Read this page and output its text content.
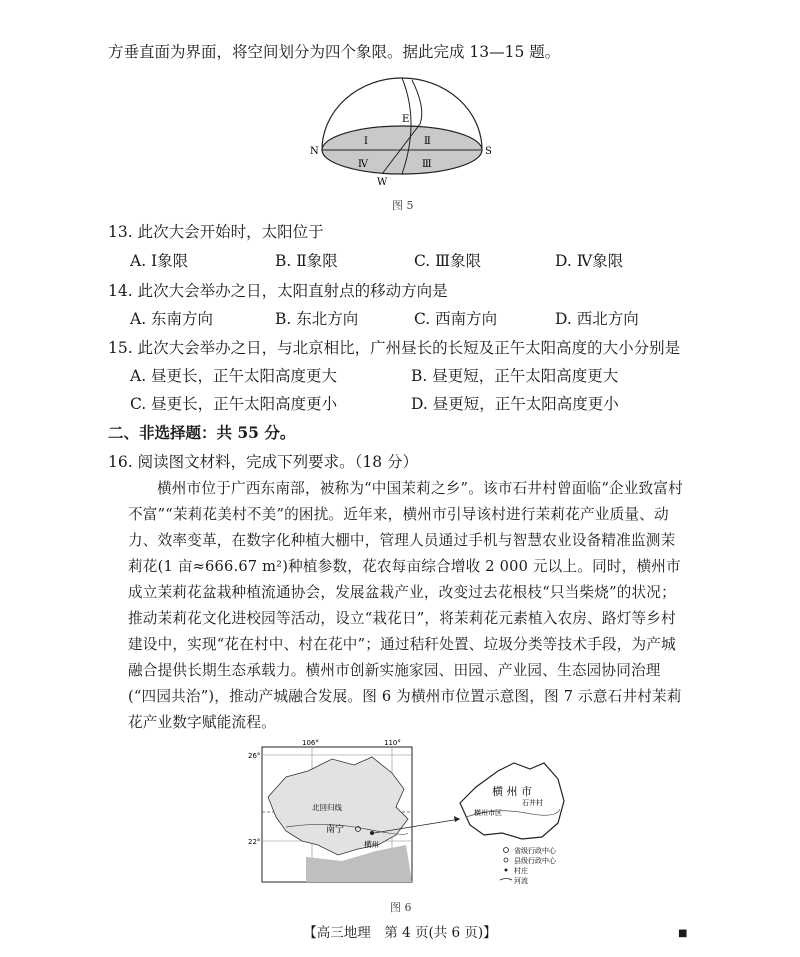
方垂直面为界面，将空间划分为四个象限。据此完成 13—15 题。
E
N	S
W
Ⅰ	Ⅱ
Ⅲ
Ⅳ
图 5
13. 此次大会开始时，太阳位于
A. Ⅰ象限	B. Ⅱ象限	C. Ⅲ象限	D. Ⅳ象限
14. 此次大会举办之日，太阳直射点的移动方向是
A. 东南方向	B. 东北方向	C. 西南方向	D. 西北方向
15. 此次大会举办之日，与北京相比，广州昼长的长短及正午太阳高度的大小分别是
A. 昼更长，正午太阳高度更大	B. 昼更短，正午太阳高度更大
C. 昼更长，正午太阳高度更小	D. 昼更短，正午太阳高度更小
二、非选择题：共 55 分。
16. 阅读图文材料，完成下列要求。（18 分）
横州市位于广西东南部，被称为“中国茉莉之乡”。该市石井村曾面临“企业致富村不富”“茉莉花美村不美”的困扰。近年来，横州市引导该村进行茉莉花产业质量、动力、效率变革，在数字化种植大棚中，管理人员通过手机与智慧农业设备精准监测茉莉花(1 亩≈666.67 m²)种植参数，花农每亩综合增收 2 000 元以上。同时，横州市成立茉莉花盆栽种植流通协会，发展盆栽产业，改变过去花根枝“只当柴烧”的状况；推动茉莉花文化进校园等活动，设立“栽花日”，将茉莉花元素植入农房、路灯等乡村建设中，实现“花在村中、村在花中”；通过秸秆处置、垃圾分类等技术手段，为产城融合提供长期生态承载力。横州市创新实施家园、田园、产业园、生态园协同治理(“四园共治”)，推动产城融合发展。图 6 为横州市位置示意图，图 7 示意石井村茉莉花产业数字赋能流程。
106°	110°
26°
22°
北回归线
南宁
横州
横 州 市
石井村
横州市区
省级行政中心
县级行政中心
村庄
河流
图 6
【高三地理　第 4 页(共 6 页)】	■
